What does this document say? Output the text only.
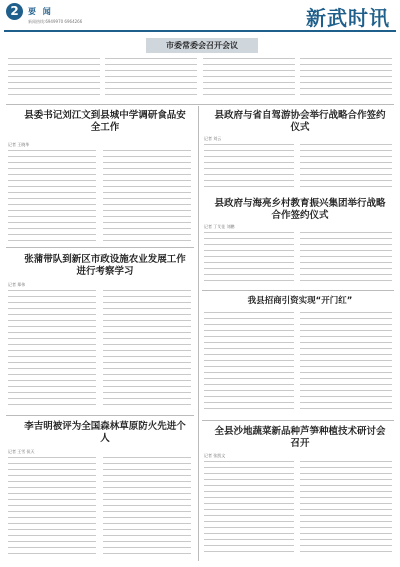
2	要 闻
新闻热线:6949970 6964266	新武时讯
市委常委会召开会议
县委书记刘江文到县城中学调研食品安全工作
记者 王晓华
张蒲带队到新区市政设施农业发展工作进行考察学习
记者 郑伟
李吉明被评为全国森林草原防火先进个人
记者 王雪 侯天
县政府与省自驾游协会举行战略合作签约仪式
记者 刘云
县政府与海亮乡村教育振兴集团举行战略合作签约仪式
记者 丁艾佳 刘鹏
我县招商引资实现“开门红”
全县沙地蔬菜新品种芦笋种植技术研讨会召开
记者 张凯文
